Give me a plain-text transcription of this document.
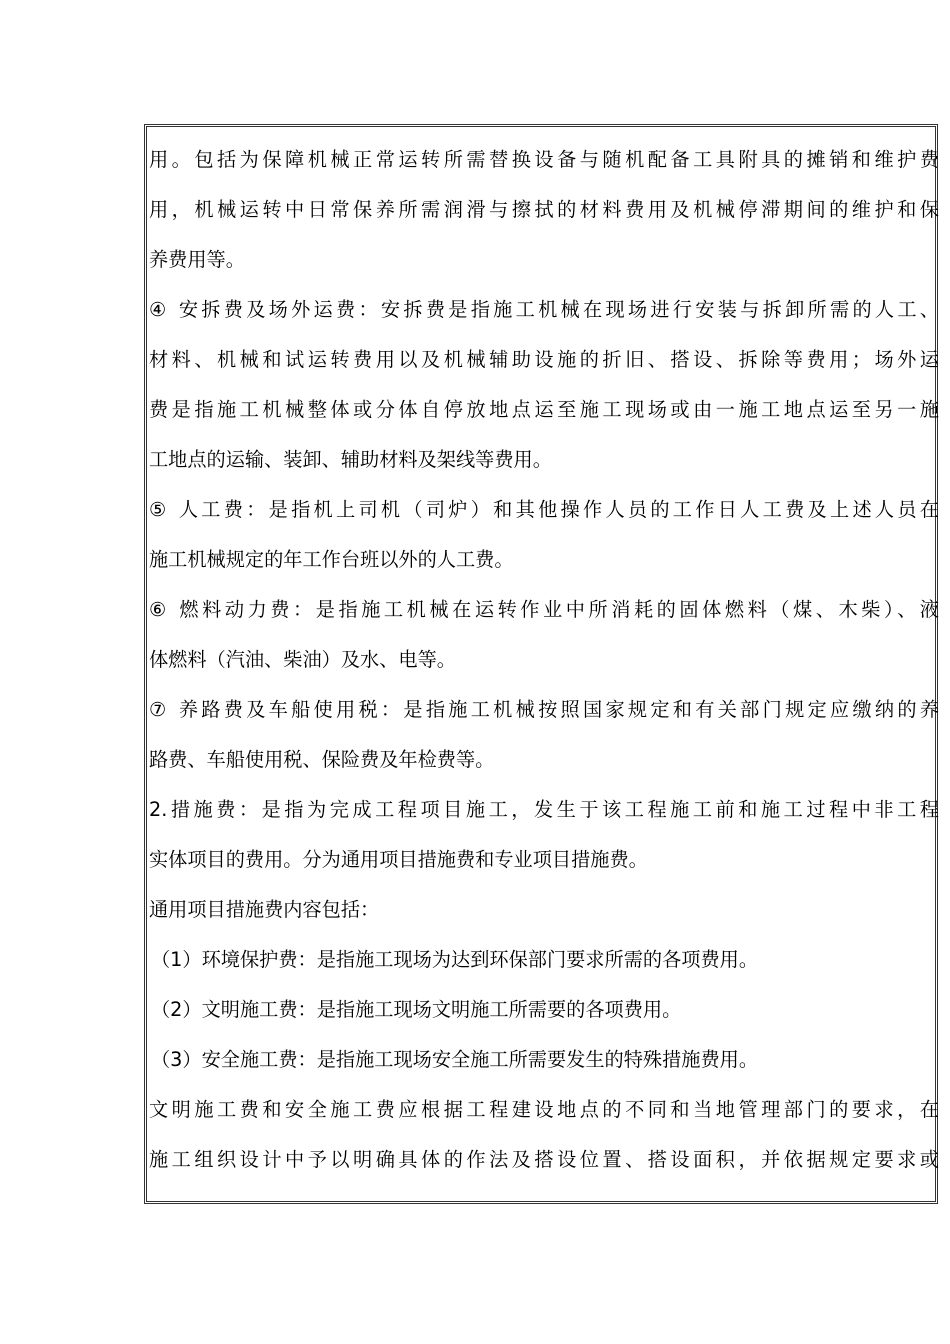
用。包括为保障机械正常运转所需替换设备与随机配备工具附具的摊销和维护费
用，机械运转中日常保养所需润滑与擦拭的材料费用及机械停滞期间的维护和保
养费用等。
④ 安拆费及场外运费：安拆费是指施工机械在现场进行安装与拆卸所需的人工、
材料、机械和试运转费用以及机械辅助设施的折旧、搭设、拆除等费用；场外运
费是指施工机械整体或分体自停放地点运至施工现场或由一施工地点运至另一施
工地点的运输、装卸、辅助材料及架线等费用。
⑤ 人工费：是指机上司机（司炉）和其他操作人员的工作日人工费及上述人员在
施工机械规定的年工作台班以外的人工费。
⑥ 燃料动力费：是指施工机械在运转作业中所消耗的固体燃料（煤、木柴）、液
体燃料（汽油、柴油）及水、电等。
⑦ 养路费及车船使用税：是指施工机械按照国家规定和有关部门规定应缴纳的养
路费、车船使用税、保险费及年检费等。
2.措施费：是指为完成工程项目施工，发生于该工程施工前和施工过程中非工程
实体项目的费用。分为通用项目措施费和专业项目措施费。
通用项目措施费内容包括：
（1）环境保护费：是指施工现场为达到环保部门要求所需的各项费用。
（2）文明施工费：是指施工现场文明施工所需要的各项费用。
（3）安全施工费：是指施工现场安全施工所需要发生的特殊措施费用。
文明施工费和安全施工费应根据工程建设地点的不同和当地管理部门的要求，在
施工组织设计中予以明确具体的作法及搭设位置、搭设面积，并依据规定要求或
